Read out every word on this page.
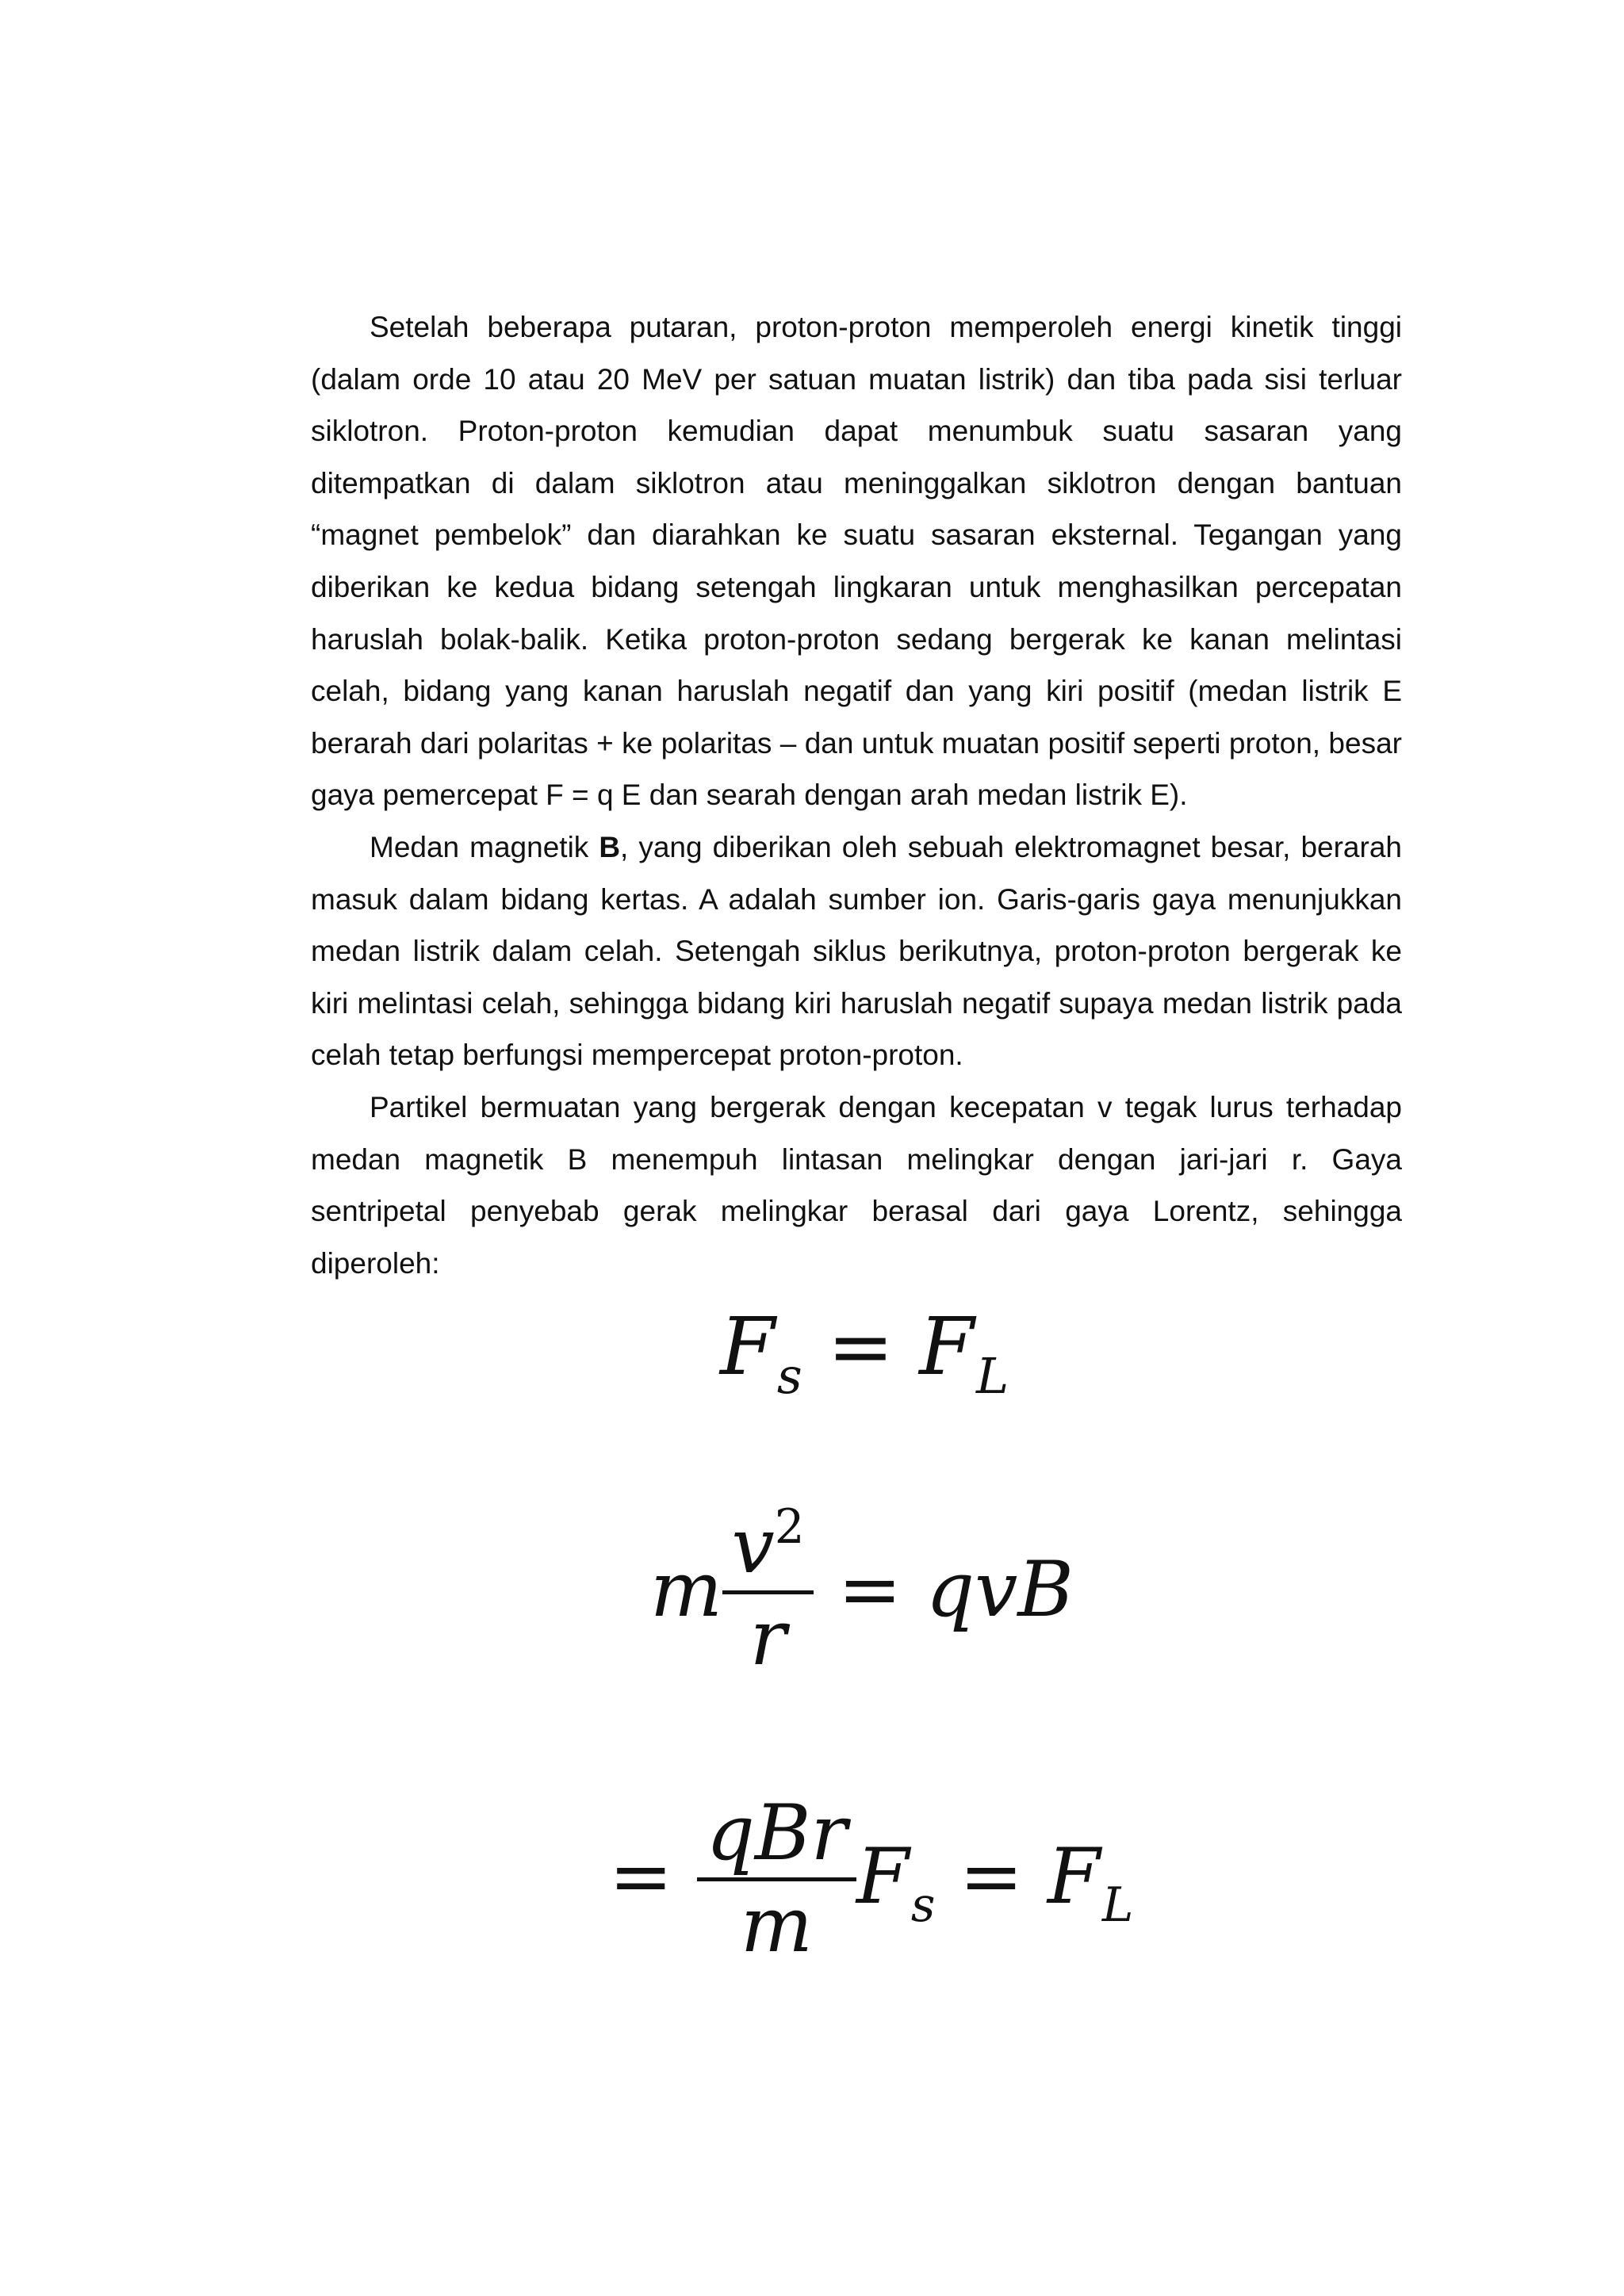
Setelah beberapa putaran, proton-proton memperoleh energi kinetik tinggi (dalam orde 10 atau 20 MeV per satuan muatan listrik) dan tiba pada sisi terluar siklotron. Proton-proton kemudian dapat menumbuk suatu sasaran yang ditempatkan di dalam siklotron atau meninggalkan siklotron dengan bantuan “magnet pembelok” dan diarahkan ke suatu sasaran eksternal. Tegangan yang diberikan ke kedua bidang setengah lingkaran untuk menghasilkan percepatan haruslah bolak-balik. Ketika proton-proton sedang bergerak ke kanan melintasi celah, bidang yang kanan haruslah negatif dan yang kiri positif (medan listrik E berarah dari polaritas + ke polaritas – dan untuk muatan positif seperti proton, besar gaya pemercepat F = q E dan searah dengan arah medan listrik E).

Medan magnetik B, yang diberikan oleh sebuah elektromagnet besar, berarah masuk dalam bidang kertas. A adalah sumber ion. Garis-garis gaya menunjukkan medan listrik dalam celah. Setengah siklus berikutnya, proton-proton bergerak ke kiri melintasi celah, sehingga bidang kiri haruslah negatif supaya medan listrik pada celah tetap berfungsi mempercepat proton-proton.

Partikel bermuatan yang bergerak dengan kecepatan v tegak lurus terhadap medan magnetik B menempuh lintasan melingkar dengan jari-jari r. Gaya sentripetal penyebab gerak melingkar berasal dari gaya Lorentz, sehingga diperoleh:

$F_s = F_L$
m $\frac{v^2}{r}$ = qvB
= $\frac{\text{qBr}}{m} F_s = F_L$
